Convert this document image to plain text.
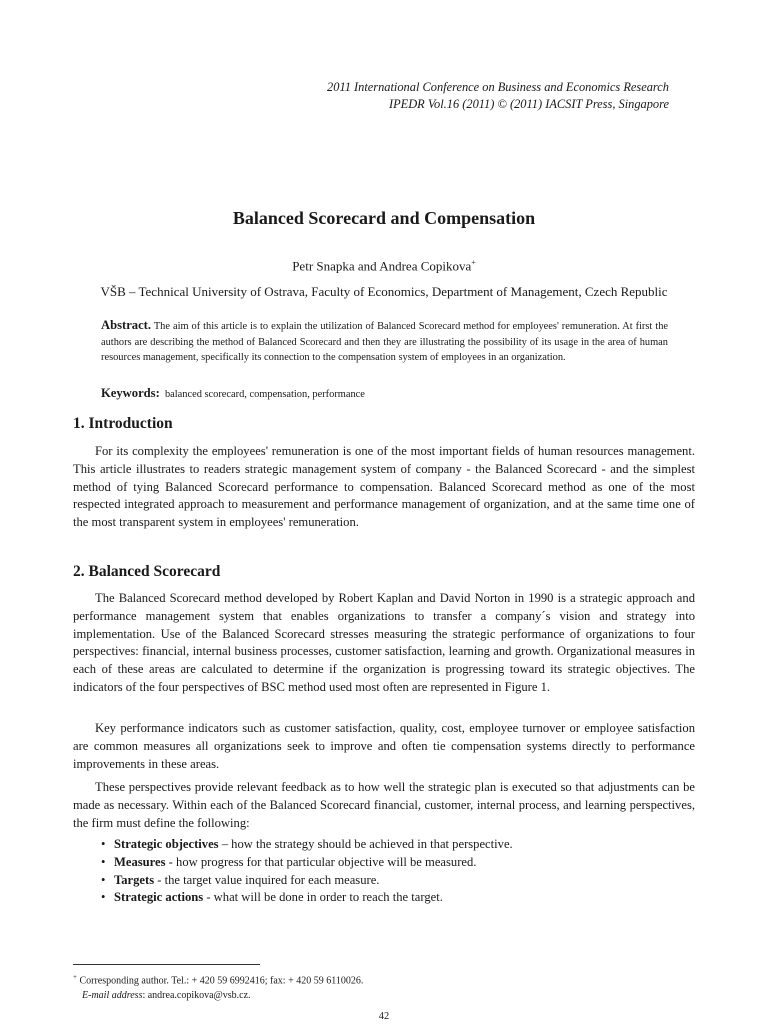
2011 International Conference on Business and Economics Research
IPEDR Vol.16 (2011) © (2011) IACSIT Press, Singapore
Balanced Scorecard and Compensation
Petr Snapka and Andrea Copikova+
VŠB – Technical University of Ostrava, Faculty of Economics, Department of Management, Czech Republic
Abstract. The aim of this article is to explain the utilization of Balanced Scorecard method for employees' remuneration. At first the authors are describing the method of Balanced Scorecard and then they are illustrating the possibility of its usage in the area of human resources management, specifically its connection to the compensation system of employees in an organization.
Keywords: balanced scorecard, compensation, performance
1. Introduction
For its complexity the employees' remuneration is one of the most important fields of human resources management. This article illustrates to readers strategic management system of company - the Balanced Scorecard - and the simplest method of tying Balanced Scorecard performance to compensation. Balanced Scorecard method as one of the most respected integrated approach to measurement and performance management of organization, and at the same time one of the most transparent system in employees' remuneration.
2. Balanced Scorecard
The Balanced Scorecard method developed by Robert Kaplan and David Norton in 1990 is a strategic approach and performance management system that enables organizations to transfer a company´s vision and strategy into implementation. Use of the Balanced Scorecard stresses measuring the strategic performance of organizations to four perspectives: financial, internal business processes, customer satisfaction, learning and growth. Organizational measures in each of these areas are calculated to determine if the organization is progressing toward its strategic objectives. The indicators of the four perspectives of BSC method used most often are represented in Figure 1.
Key performance indicators such as customer satisfaction, quality, cost, employee turnover or employee satisfaction are common measures all organizations seek to improve and often tie compensation systems directly to performance improvements in these areas.
These perspectives provide relevant feedback as to how well the strategic plan is executed so that adjustments can be made as necessary. Within each of the Balanced Scorecard financial, customer, internal process, and learning perspectives, the firm must define the following:
• Strategic objectives – how the strategy should be achieved in that perspective.
• Measures - how progress for that particular objective will be measured.
• Targets - the target value inquired for each measure.
• Strategic actions - what will be done in order to reach the target.
+ Corresponding author. Tel.: + 420 59 6992416; fax: + 420 59 6110026.
E-mail address: andrea.copikova@vsb.cz.
42
